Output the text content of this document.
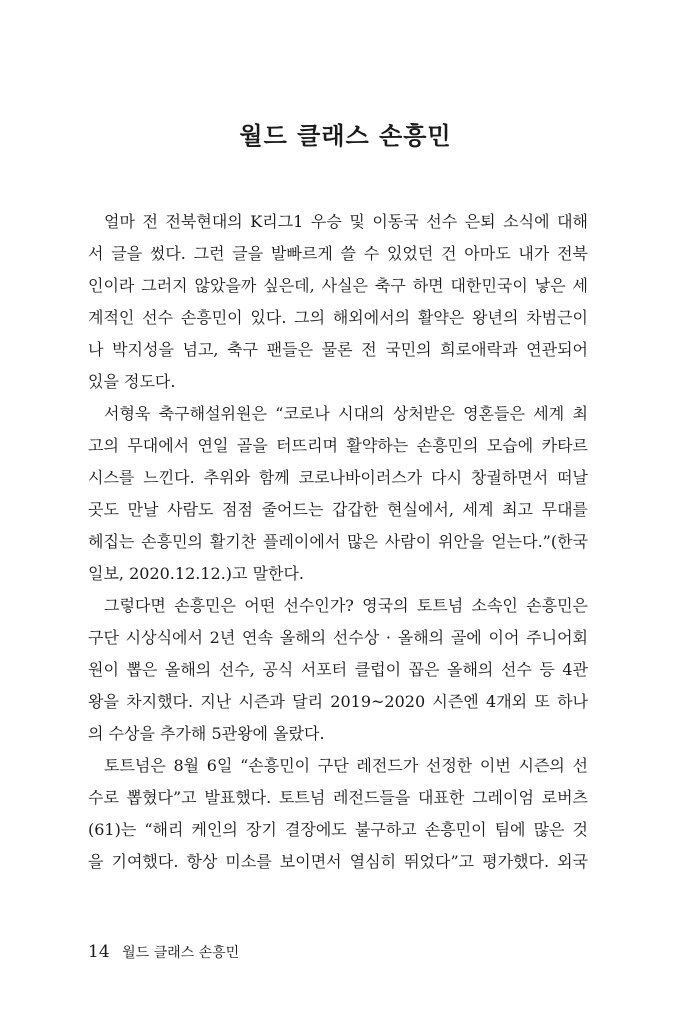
월드 클래스 손흥민

얼마 전 전북현대의 K리그1 우승 및 이동국 선수 은퇴 소식에 대해
서 글을 썼다. 그런 글을 발빠르게 쓸 수 있었던 건 아마도 내가 전북
인이라 그러지 않았을까 싶은데, 사실은 축구 하면 대한민국이 낳은 세
계적인 선수 손흥민이 있다. 그의 해외에서의 활약은 왕년의 차범근이
나 박지성을 넘고, 축구 팬들은 물론 전 국민의 희로애락과 연관되어
있을 정도다.

서형욱 축구해설위원은 “코로나 시대의 상처받은 영혼들은 세계 최
고의 무대에서 연일 골을 터뜨리며 활약하는 손흥민의 모습에 카타르
시스를 느낀다. 추위와 함께 코로나바이러스가 다시 창궐하면서 떠날
곳도 만날 사람도 점점 줄어드는 갑갑한 현실에서, 세계 최고 무대를
헤집는 손흥민의 활기찬 플레이에서 많은 사람이 위안을 얻는다.”(한국
일보, 2020.12.12.)고 말한다.

그렇다면 손흥민은 어떤 선수인가? 영국의 토트넘 소속인 손흥민은
구단 시상식에서 2년 연속 올해의 선수상 · 올해의 골에 이어 주니어회
원이 뽑은 올해의 선수, 공식 서포터 클럽이 꼽은 올해의 선수 등 4관
왕을 차지했다. 지난 시즌과 달리 2019~2020 시즌엔 4개외 또 하나
의 수상을 추가해 5관왕에 올랐다.

토트넘은 8월 6일 “손흥민이 구단 레전드가 선정한 이번 시즌의 선
수로 뽑혔다”고 발표했다. 토트넘 레전드들을 대표한 그레이엄 로버츠
(61)는 “해리 케인의 장기 결장에도 불구하고 손흥민이 팀에 많은 것
을 기여했다. 항상 미소를 보이면서 열심히 뛰었다”고 평가했다. 외국

14 월드 클래스 손흥민
